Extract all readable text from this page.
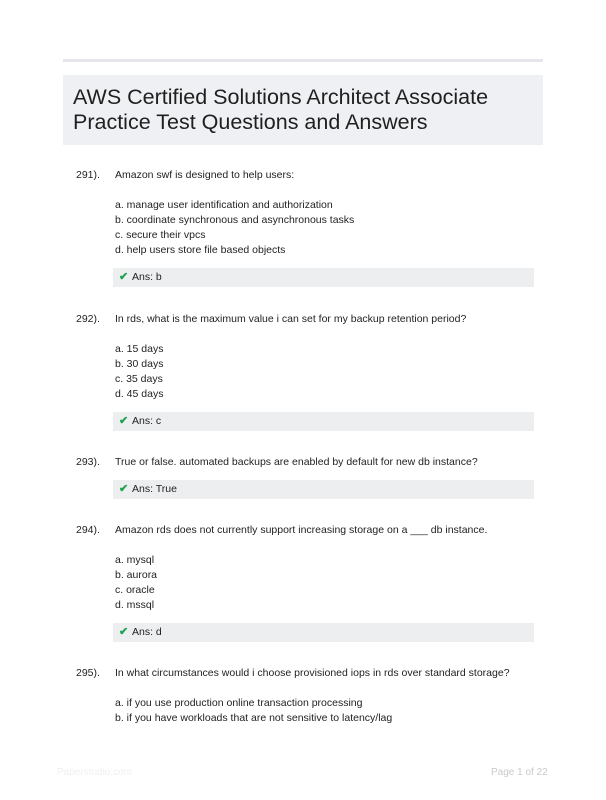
AWS Certified Solutions Architect Associate Practice Test Questions and Answers
291). Amazon swf is designed to help users:
a. manage user identification and authorization
b. coordinate synchronous and asynchronous tasks
c. secure their vpcs
d. help users store file based objects
✔ Ans: b
292). In rds, what is the maximum value i can set for my backup retention period?
a. 15 days
b. 30 days
c. 35 days
d. 45 days
✔ Ans: c
293). True or false. automated backups are enabled by default for new db instance?
✔ Ans: True
294). Amazon rds does not currently support increasing storage on a ___ db instance.
a. mysql
b. aurora
c. oracle
d. mssql
✔ Ans: d
295). In what circumstances would i choose provisioned iops in rds over standard storage?
a. if you use production online transaction processing
b. if you have workloads that are not sensitive to latency/lag
Paperstudio.com	Page 1 of 22
